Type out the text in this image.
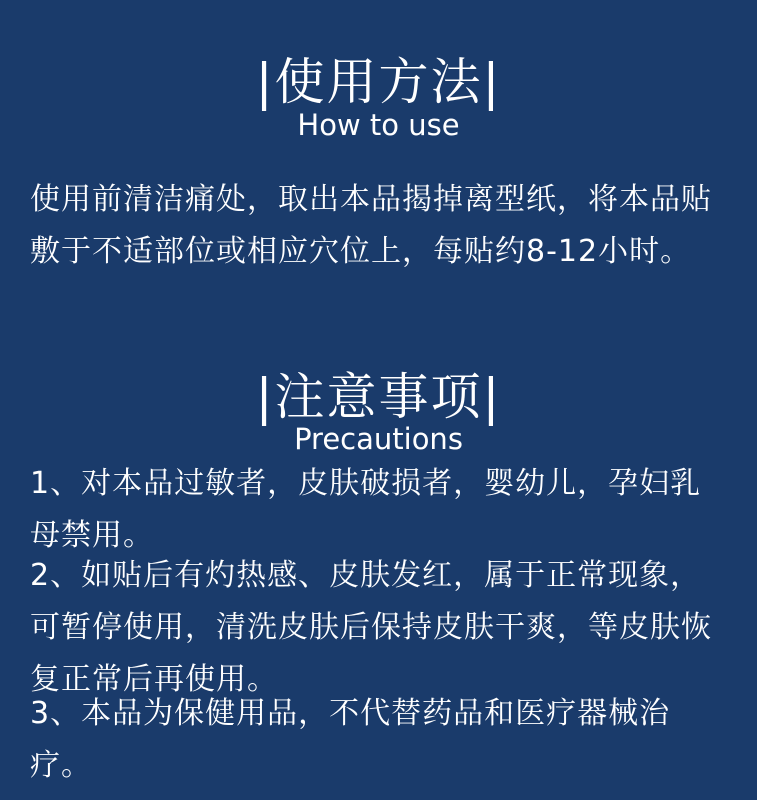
|使用方法|
How to use

使用前清洁痛处，取出本品揭掉离型纸，将本品贴敷于不适部位或相应穴位上，每贴约8-12小时。

|注意事项|
Precautions

1、对本品过敏者，皮肤破损者，婴幼儿，孕妇乳母禁用。

2、如贴后有灼热感、皮肤发红，属于正常现象，可暂停使用，清洗皮肤后保持皮肤干爽，等皮肤恢复正常后再使用。

3、本品为保健用品，不代替药品和医疗器械治疗。
